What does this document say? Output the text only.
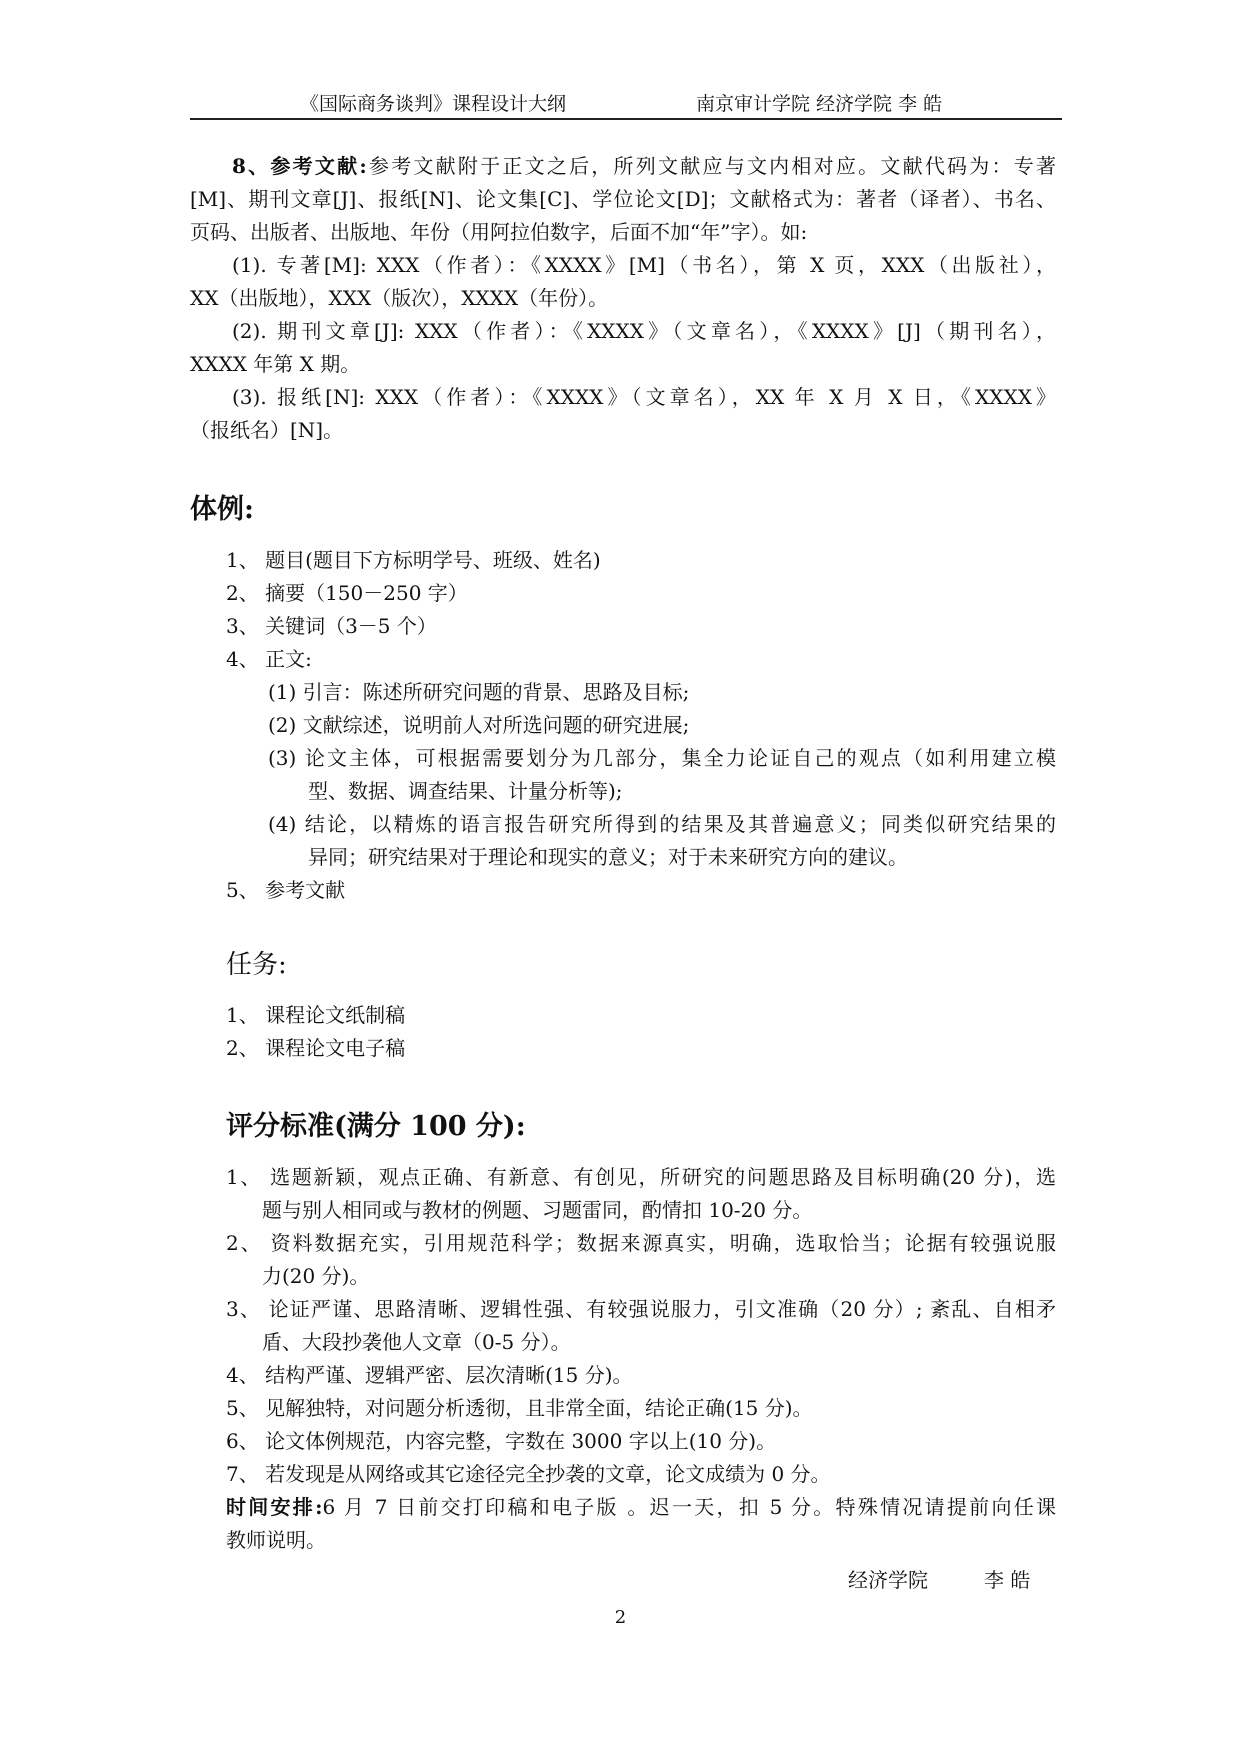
《国际商务谈判》课程设计大纲	南京审计学院 经济学院 李 皓
8、参考文献:参考文献附于正文之后，所列文献应与文内相对应。文献代码为：专著
[M]、期刊文章[J]、报纸[N]、论文集[C]、学位论文[D]；文献格式为：著者（译者）、书名、
页码、出版者、出版地、年份（用阿拉伯数字，后面不加“年”字）。如:
(1). 专著[M]: XXX（作者）：《XXXX》[M]（书名），第 X 页，XXX（出版社），
XX（出版地），XXX（版次），XXXX（年份）。
(2). 期刊文章[J]: XXX（作者）：《XXXX》（文章名），《XXXX》[J]（期刊名），
XXXX 年第 X 期。
(3). 报纸[N]: XXX（作者）：《XXXX》（文章名），XX 年 X 月 X 日，《XXXX》
（报纸名）[N]。
体例:
1、 题目(题目下方标明学号、班级、姓名)
2、 摘要（150－250 字）
3、 关键词（3－5 个）
4、 正文:
(1) 引言：陈述所研究问题的背景、思路及目标;
(2) 文献综述，说明前人对所选问题的研究进展;
(3) 论文主体，可根据需要划分为几部分，集全力论证自己的观点（如利用建立模
型、数据、调查结果、计量分析等);
(4) 结论，以精炼的语言报告研究所得到的结果及其普遍意义；同类似研究结果的
异同；研究结果对于理论和现实的意义；对于未来研究方向的建议。
5、 参考文献
任务:
1、 课程论文纸制稿
2、 课程论文电子稿
评分标准(满分 100 分):
1、 选题新颖，观点正确、有新意、有创见，所研究的问题思路及目标明确(20 分)，选
题与别人相同或与教材的例题、习题雷同，酌情扣 10-20 分。
2、 资料数据充实，引用规范科学；数据来源真实，明确，选取恰当；论据有较强说服
力(20 分)。
3、 论证严谨、思路清晰、逻辑性强、有较强说服力，引文准确（20 分）; 紊乱、自相矛
盾、大段抄袭他人文章（0-5 分）。
4、 结构严谨、逻辑严密、层次清晰(15 分)。
5、 见解独特，对问题分析透彻，且非常全面，结论正确(15 分)。
6、 论文体例规范，内容完整，字数在 3000 字以上(10 分)。
7、 若发现是从网络或其它途径完全抄袭的文章，论文成绩为 0 分。
时间安排:6 月 7 日前交打印稿和电子版 。迟一天，扣 5 分。特殊情况请提前向任课
教师说明。
经济学院	李 皓
2
